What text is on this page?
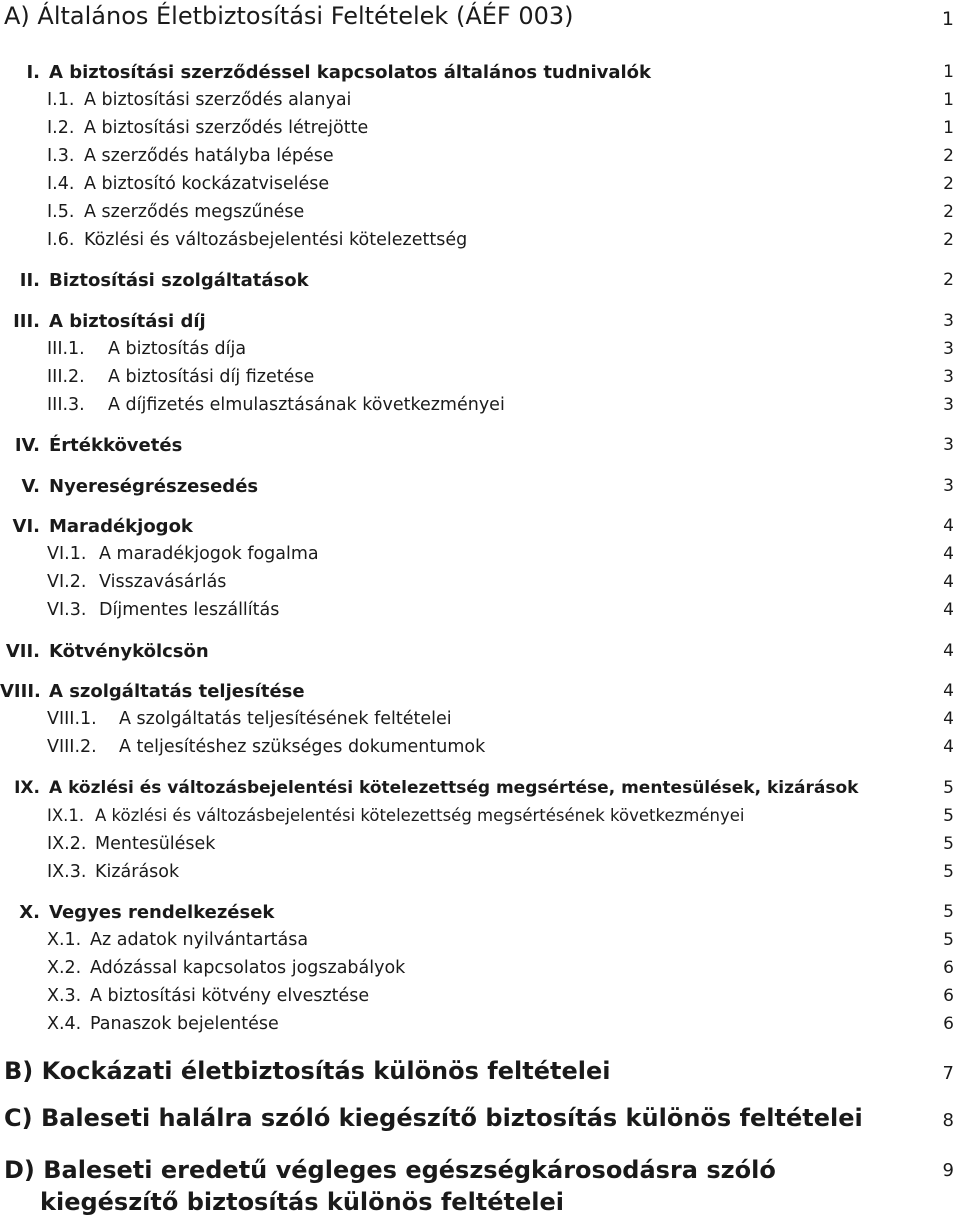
A) Általános Életbiztosítási Feltételek (ÁÉF 003)	1
I. A biztosítási szerződéssel kapcsolatos általános tudnivalók	1
I.1. A biztosítási szerződés alanyai	1
I.2. A biztosítási szerződés létrejötte	1
I.3. A szerződés hatályba lépése	2
I.4. A biztosító kockázatviselése	2
I.5. A szerződés megszűnése	2
I.6. Közlési és változásbejelentési kötelezettség	2
II. Biztosítási szolgáltatások	2
III. A biztosítási díj	3
III.1. A biztosítás díja	3
III.2. A biztosítási díj fizetése	3
III.3. A díjfizetés elmulasztásának következményei	3
IV. Értékkövetés	3
V. Nyereségrészesedés	3
VI. Maradékjogok	4
VI.1. A maradékjogok fogalma	4
VI.2. Visszavásárlás	4
VI.3. Díjmentes leszállítás	4
VII. Kötvénykölcsön	4
VIII. A szolgáltatás teljesítése	4
VIII.1. A szolgáltatás teljesítésének feltételei	4
VIII.2. A teljesítéshez szükséges dokumentumok	4
IX. A közlési és változásbejelentési kötelezettség megsértése, mentesülések, kizárások	5
IX.1. A közlési és változásbejelentési kötelezettség megsértésének következményei	5
IX.2. Mentesülések	5
IX.3. Kizárások	5
X. Vegyes rendelkezések	5
X.1. Az adatok nyilvántartása	5
X.2. Adózással kapcsolatos jogszabályok	6
X.3. A biztosítási kötvény elvesztése	6
X.4. Panaszok bejelentése	6
B) Kockázati életbiztosítás különös feltételei	7
C) Baleseti halálra szóló kiegészítő biztosítás különös feltételei	8
D) Baleseti eredetű végleges egészségkárosodásra szóló	9
kiegészítő biztosítás különös feltételei
